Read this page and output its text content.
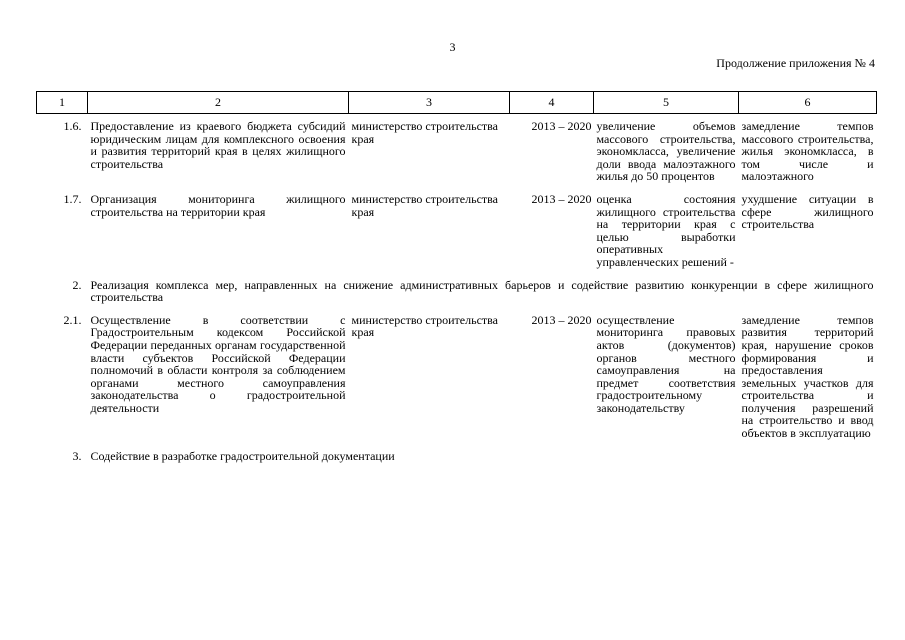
3
Продолжение приложения № 4
1	2	3	4	5	6

1.6.	Предоставление из краевого бюджета субсидий юридическим лицам для комплексного освоения и развития территорий края в целях жилищного строительства	министерство строительства края	2013 – 2020	увеличение объемов массового строительства, экономкласса, увеличение доли ввода малоэтажного жилья до 50 процентов	замедление темпов массового строительства, жилья экономкласса, в том числе и малоэтажного
1.7.	Организация мониторинга жилищного строительства на территории края	министерство строительства края	2013 – 2020	оценка состояния жилищного строительства на территории края с целью выработки оперативных управленческих решений -	ухудшение ситуации в сфере жилищного строительства
2.	Реализация комплекса мер, направленных на снижение административных барьеров и содействие развитию конкуренции в сфере жилищного строительства				
2.1.	Осуществление в соответствии с Градостроительным кодексом Российской Федерации переданных органам государственной власти субъектов Российской Федерации полномочий в области контроля за соблюдением органами местного самоуправления законодательства о градостроительной деятельности	министерство строительства края	2013 – 2020	осуществление мониторинга правовых актов (документов) органов местного самоуправления на предмет соответствия градостроительному законодательству	замедление темпов развития территорий края, нарушение сроков формирования и предоставления земельных участков для строительства и получения разрешений на строительство и ввод объектов в эксплуатацию
3.	Содействие в разработке градостроительной документации				
